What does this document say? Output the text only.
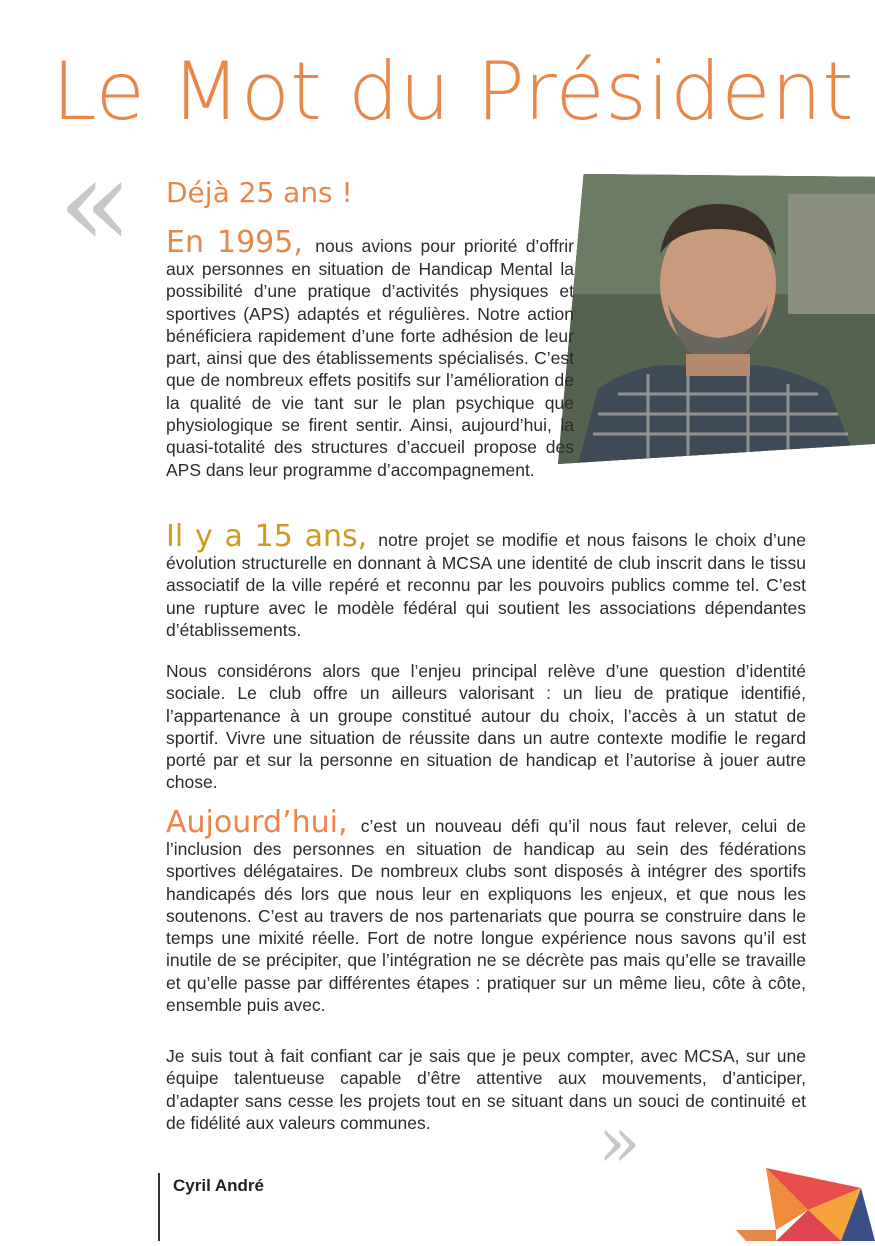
Le Mot du Président
« Déjà 25 ans !

En 1995, nous avions pour priorité d’offrir aux personnes en situation de Handicap Mental la possibilité d’une pratique d’activités physiques et sportives (APS) adaptés et régulières. Notre action bénéficiera rapidement d’une forte adhésion de leur part, ainsi que des établissements spécialisés. C’est que de nombreux effets positifs sur l’amélioration de la qualité de vie tant sur le plan psychique que physiologique se firent sentir. Ainsi, aujourd’hui, la quasi-totalité des structures d’accueil propose des APS dans leur programme d’accompagnement.

Il y a 15 ans, notre projet se modifie et nous faisons le choix d’une évolution structurelle en donnant à MCSA une identité de club inscrit dans le tissu associatif de la ville repéré et reconnu par les pouvoirs publics comme tel. C’est une rupture avec le modèle fédéral qui soutient les associations dépendantes d’établissements.

Nous considérons alors que l’enjeu principal relève d’une question d’identité sociale. Le club offre un ailleurs valorisant : un lieu de pratique identifié, l’appartenance à un groupe constitué autour du choix, l’accès à un statut de sportif. Vivre une situation de réussite dans un autre contexte modifie le regard porté par et sur la personne en situation de handicap et l’autorise à jouer autre chose.

Aujourd’hui, c’est un nouveau défi qu’il nous faut relever, celui de l’inclusion des personnes en situation de handicap au sein des fédérations sportives délégataires. De nombreux clubs sont disposés à intégrer des sportifs handicapés dés lors que nous leur en expliquons les enjeux, et que nous les soutenons. C’est au travers de nos partenariats que pourra se construire dans le temps une mixité réelle. Fort de notre longue expérience nous savons qu’il est inutile de se précipiter, que l’intégration ne se décrète pas mais qu’elle se travaille et qu’elle passe par différentes étapes : pratiquer sur un même lieu, côte à côte, ensemble puis avec.

Je suis tout à fait confiant car je sais que je peux compter, avec MCSA, sur une équipe talentueuse capable d’être attentive aux mouvements, d’anticiper, d’adapter sans cesse les projets tout en se situant dans un souci de continuité et de fidélité aux valeurs communes.	»
Cyril André
